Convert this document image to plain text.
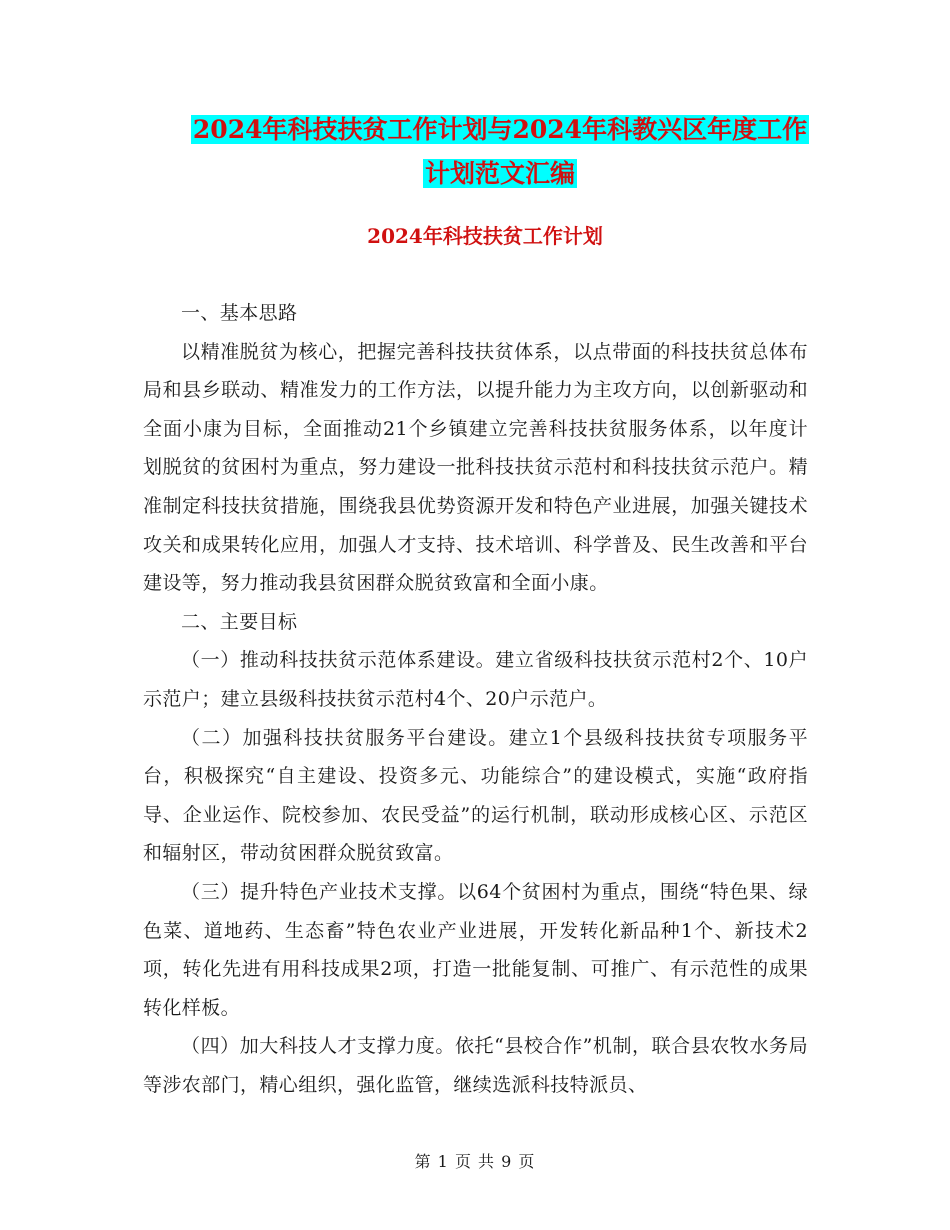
2024年科技扶贫工作计划与2024年科教兴区年度工作
计划范文汇编
2024年科技扶贫工作计划

一、基本思路

以精准脱贫为核心，把握完善科技扶贫体系，以点带面的科技扶贫总体布局和县乡联动、精准发力的工作方法，以提升能力为主攻方向，以创新驱动和全面小康为目标，全面推动21个乡镇建立完善科技扶贫服务体系，以年度计划脱贫的贫困村为重点，努力建设一批科技扶贫示范村和科技扶贫示范户。精准制定科技扶贫措施，围绕我县优势资源开发和特色产业进展，加强关键技术攻关和成果转化应用，加强人才支持、技术培训、科学普及、民生改善和平台建设等，努力推动我县贫困群众脱贫致富和全面小康。

二、主要目标

（一）推动科技扶贫示范体系建设。建立省级科技扶贫示范村2个、10户示范户；建立县级科技扶贫示范村4个、20户示范户。

（二）加强科技扶贫服务平台建设。建立1个县级科技扶贫专项服务平台，积极探究“自主建设、投资多元、功能综合”的建设模式，实施“政府指导、企业运作、院校参加、农民受益”的运行机制，联动形成核心区、示范区和辐射区，带动贫困群众脱贫致富。

（三）提升特色产业技术支撑。以64个贫困村为重点，围绕“特色果、绿色菜、道地药、生态畜”特色农业产业进展，开发转化新品种1个、新技术2项，转化先进有用科技成果2项，打造一批能复制、可推广、有示范性的成果转化样板。

（四）加大科技人才支撑力度。依托“县校合作”机制，联合县农牧水务局等涉农部门，精心组织，强化监管，继续选派科技特派员、

第 1 页 共 9 页
